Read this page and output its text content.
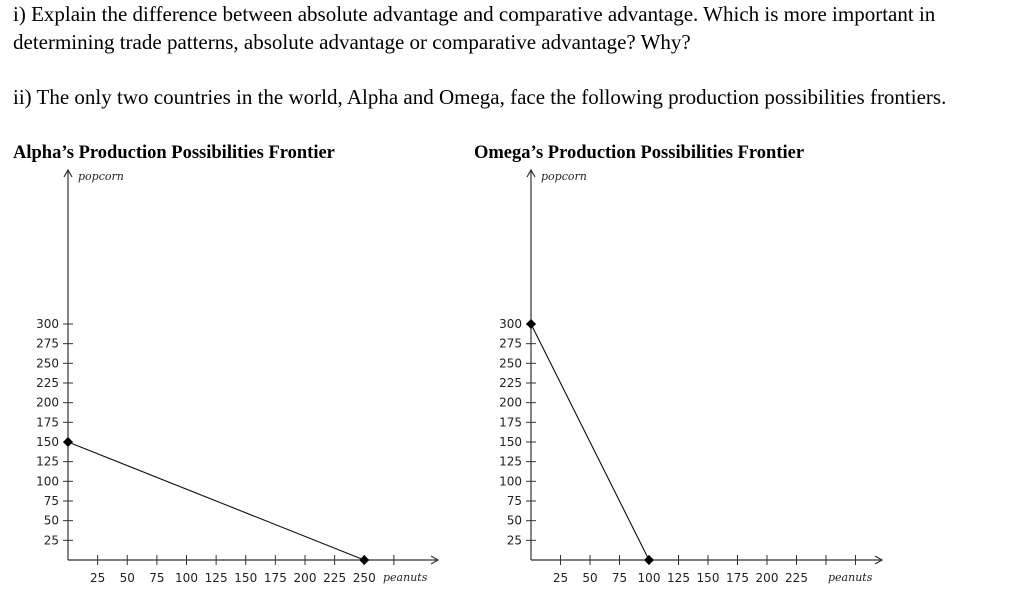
i) Explain the difference between absolute advantage and comparative advantage. Which is more important in determining trade patterns, absolute advantage or comparative advantage? Why?
ii) The only two countries in the world, Alpha and Omega, face the following production possibilities frontiers.
Alpha’s Production Possibilities Frontier	Omega’s Production Possibilities Frontier
popcorn
peanuts
25
50
75
100
125
150
175
200
225
250
275
300
25 50 75 100 125 150 175 200 225 250
popcorn
peanuts
25
50
75
100
125
150
175
200
225
250
275
300
25 50 75 100 125 150 175 200 225
